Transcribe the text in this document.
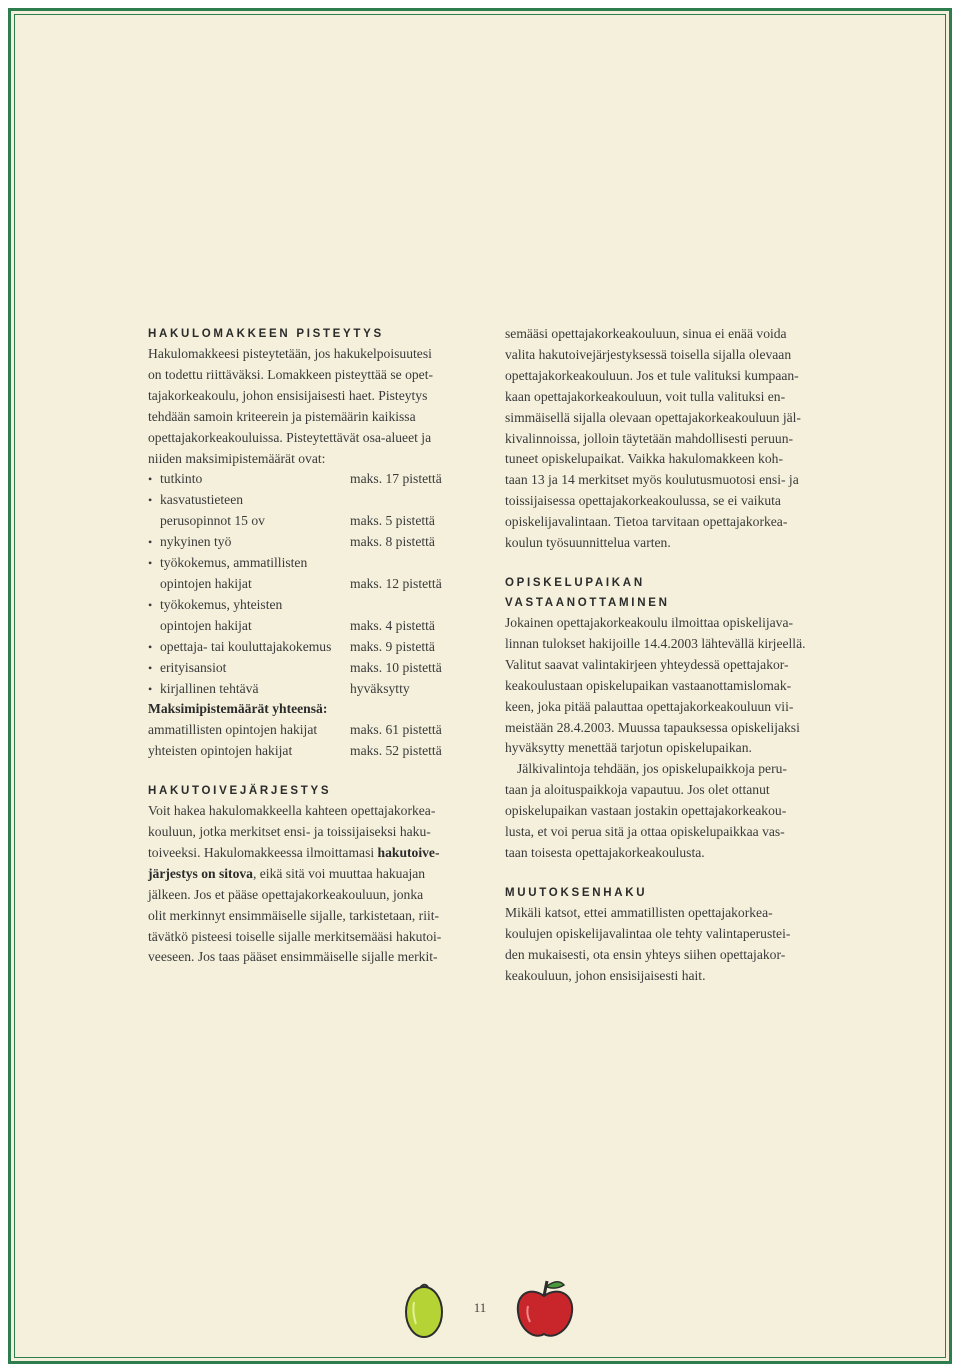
HAKULOMAKKEEN PISTEYTYS

Hakulomakkeesi pisteytetään, jos hakukelpoisuutesi
on todettu riittäväksi. Lomakkeen pisteyttää se opet-
tajakorkeakoulu, johon ensisijaisesti haet. Pisteytys
tehdään samoin kriteerein ja pistemäärin kaikissa
opettajakorkeakouluissa. Pisteytettävät osa-alueet ja
niiden maksimipistemäärät ovat:

• tutkinto	maks. 17 pistettä
• kasvatustieteen
perusopinnot 15 ov	maks. 5 pistettä
• nykyinen työ	maks. 8 pistettä
• työkokemus, ammatillisten
opintojen hakijat	maks. 12 pistettä
• työkokemus, yhteisten
opintojen hakijat	maks. 4 pistettä
• opettaja- tai kouluttajakokemus maks. 9 pistettä
• erityisansiot	maks. 10 pistettä
• kirjallinen tehtävä	hyväksytty
Maksimipistemäärät yhteensä:
ammatillisten opintojen hakijat maks. 61 pistettä
yhteisten opintojen hakijat	maks. 52 pistettä
HAKUTOIVEJÄRJESTYS

Voit hakea hakulomakkeella kahteen opettajakorkea-
kouluun, jotka merkitset ensi- ja toissijaiseksi haku-
toiveeksi. Hakulomakkeessa ilmoittamasi hakutoive-
järjestys on sitova, eikä sitä voi muuttaa hakuajan
jälkeen. Jos et pääse opettajakorkeakouluun, jonka
olit merkinnyt ensimmäiselle sijalle, tarkistetaan, riit-
tävätkö pisteesi toiselle sijalle merkitsemääsi hakutoi-
veeseen. Jos taas pääset ensimmäiselle sijalle merkit-

semääsi opettajakorkeakouluun, sinua ei enää voida
valita hakutoivejärjestyksessä toisella sijalla olevaan
opettajakorkeakouluun. Jos et tule valituksi kumpaan-
kaan opettajakorkeakouluun, voit tulla valituksi en-
simmäisellä sijalla olevaan opettajakorkeakouluun jäl-
kivalinnoissa, jolloin täytetään mahdollisesti peruun-
tuneet opiskelupaikat. Vaikka hakulomakkeen koh-
taan 13 ja 14 merkitset myös koulutusmuotosi ensi- ja
toissijaisessa opettajakorkeakoulussa, se ei vaikuta
opiskelijavalintaan. Tietoa tarvitaan opettajakorkea-
koulun työsuunnittelua varten.

OPISKELUPAIKAN VASTAANOTTAMINEN

Jokainen opettajakorkeakoulu ilmoittaa opiskelijava-
linnan tulokset hakijoille 14.4.2003 lähtevällä kirjeellä.
Valitut saavat valintakirjeen yhteydessä opettajakor-
keakoulustaan opiskelupaikan vastaanottamislomak-
keen, joka pitää palauttaa opettajakorkeakouluun vii-
meistään 28.4.2003. Muussa tapauksessa opiskelijaksi
hyväksytty menettää tarjotun opiskelupaikan.

Jälkivalintoja tehdään, jos opiskelupaikkoja peru-
taan ja aloituspaikkoja vapautuu. Jos olet ottanut
opiskelupaikan vastaan jostakin opettajakorkeakou-
lusta, et voi perua sitä ja ottaa opiskelupaikkaa vas-
taan toisesta opettajakorkeakoulusta.

MUUTOKSENHAKU

Mikäli katsot, ettei ammatillisten opettajakorkea-
koulujen opiskelijavalintaa ole tehty valintaperustei-
den mukaisesti, ota ensin yhteys siihen opettajakor-
keakouluun, johon ensisijaisesti hait.

11
